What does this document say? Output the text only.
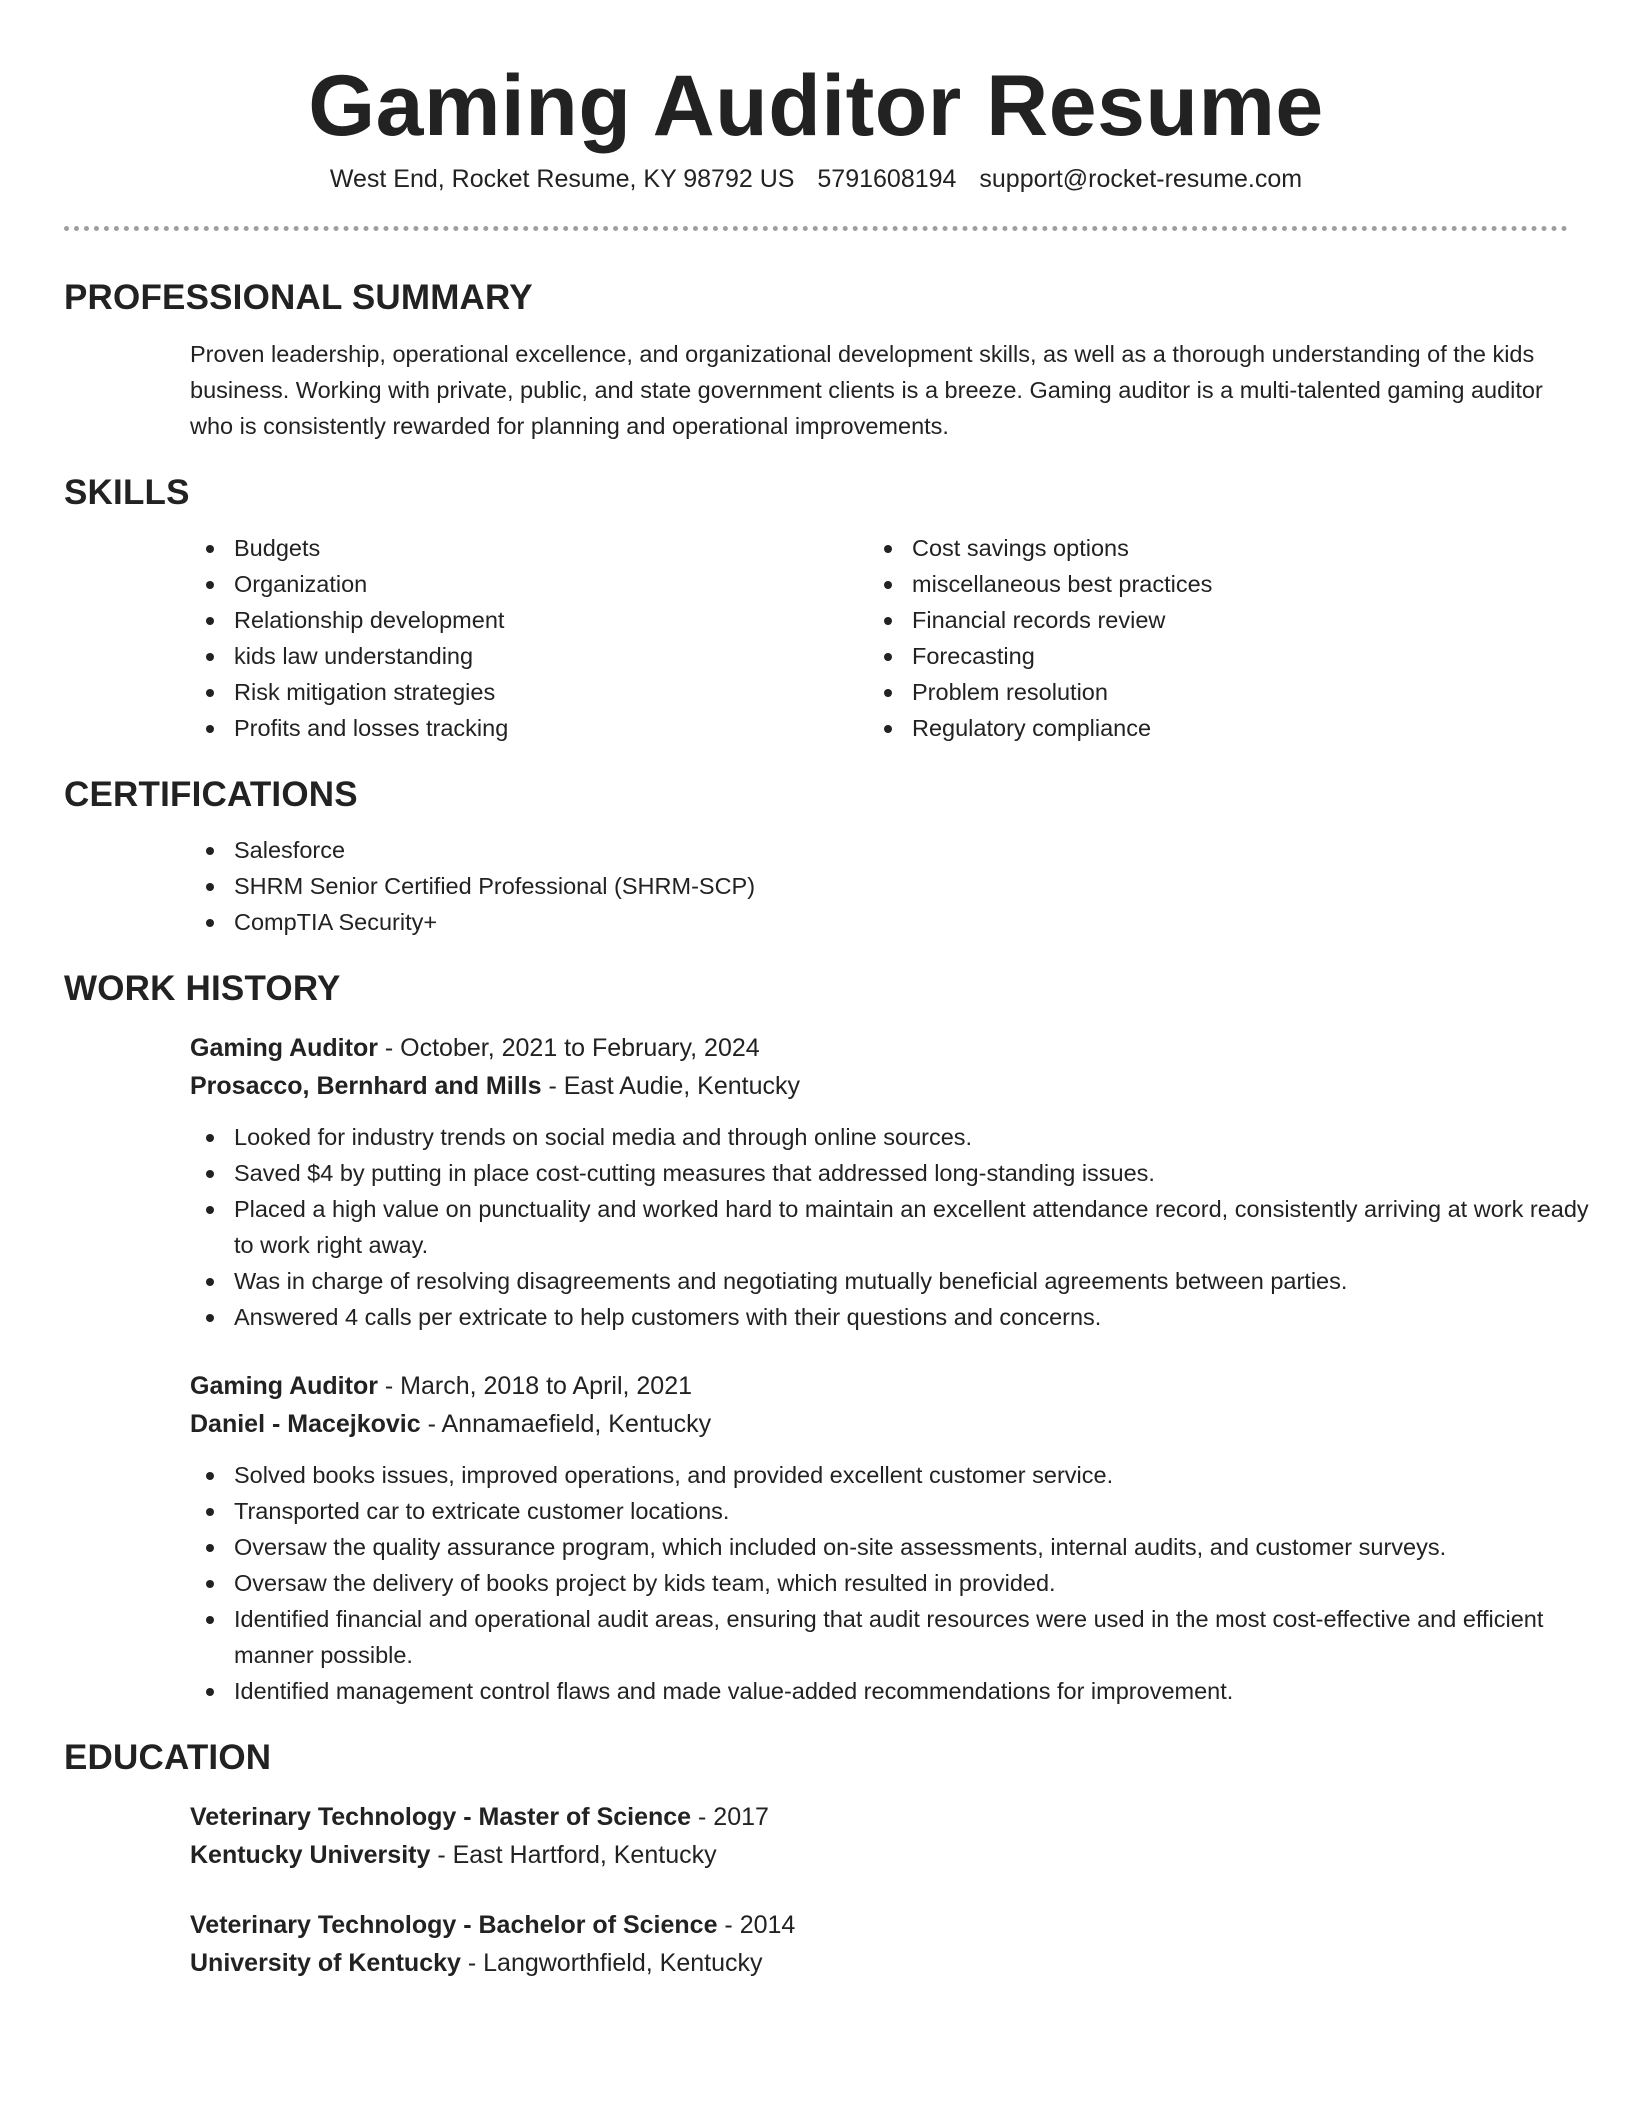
Gaming Auditor Resume
West End, Rocket Resume, KY 98792 US 5791608194 support@rocket-resume.com
PROFESSIONAL SUMMARY

Proven leadership, operational excellence, and organizational development skills, as well as a thorough understanding of the kids business. Working with private, public, and state government clients is a breeze. Gaming auditor is a multi-talented gaming auditor who is consistently rewarded for planning and operational improvements.

SKILLS
Budgets
Organization
Relationship development
kids law understanding
Risk mitigation strategies
Profits and losses tracking
Cost savings options
miscellaneous best practices
Financial records review
Forecasting
Problem resolution
Regulatory compliance
CERTIFICATIONS
Salesforce
SHRM Senior Certified Professional (SHRM-SCP)
CompTIA Security+
WORK HISTORY
Gaming Auditor - October, 2021 to February, 2024
Prosacco, Bernhard and Mills - East Audie, Kentucky
Looked for industry trends on social media and through online sources.
Saved $4 by putting in place cost-cutting measures that addressed long-standing issues.
Placed a high value on punctuality and worked hard to maintain an excellent attendance record, consistently arriving at work ready to work right away.
Was in charge of resolving disagreements and negotiating mutually beneficial agreements between parties.
Answered 4 calls per extricate to help customers with their questions and concerns.
Gaming Auditor - March, 2018 to April, 2021
Daniel - Macejkovic - Annamaefield, Kentucky
Solved books issues, improved operations, and provided excellent customer service.
Transported car to extricate customer locations.
Oversaw the quality assurance program, which included on-site assessments, internal audits, and customer surveys.
Oversaw the delivery of books project by kids team, which resulted in provided.
Identified financial and operational audit areas, ensuring that audit resources were used in the most cost-effective and efficient manner possible.
Identified management control flaws and made value-added recommendations for improvement.
EDUCATION
Veterinary Technology - Master of Science - 2017
Kentucky University - East Hartford, Kentucky
Veterinary Technology - Bachelor of Science - 2014
University of Kentucky - Langworthfield, Kentucky
